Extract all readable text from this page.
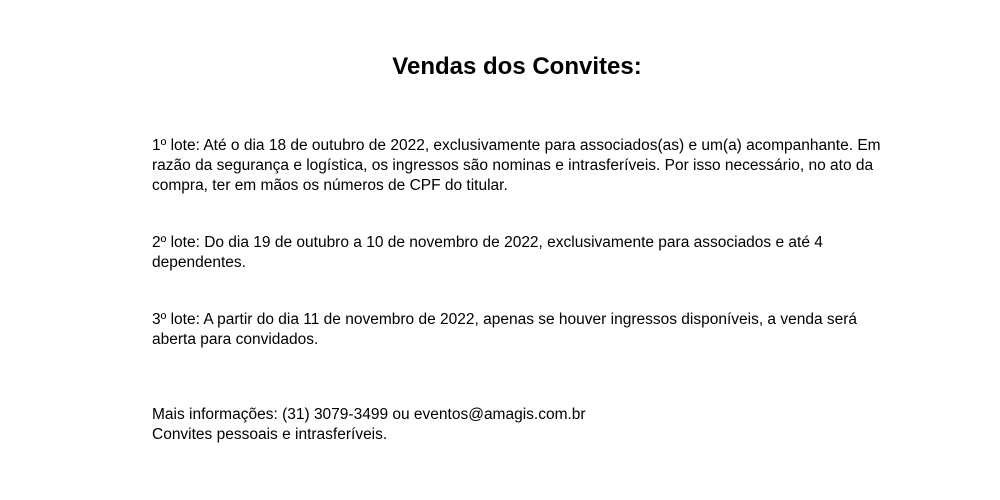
Vendas dos Convites:

1º lote: Até o dia 18 de outubro de 2022, exclusivamente para associados(as) e um(a) acompanhante. Em razão da segurança e logística, os ingressos são nominas e intrasferíveis. Por isso necessário, no ato da compra, ter em mãos os números de CPF do titular.

2º lote: Do dia 19 de outubro a 10 de novembro de 2022, exclusivamente para associados e até 4 dependentes.

3º lote: A partir do dia 11 de novembro de 2022, apenas se houver ingressos disponíveis, a venda será aberta para convidados.

Mais informações: (31) 3079-3499 ou eventos@amagis.com.br
Convites pessoais e intrasferíveis.
